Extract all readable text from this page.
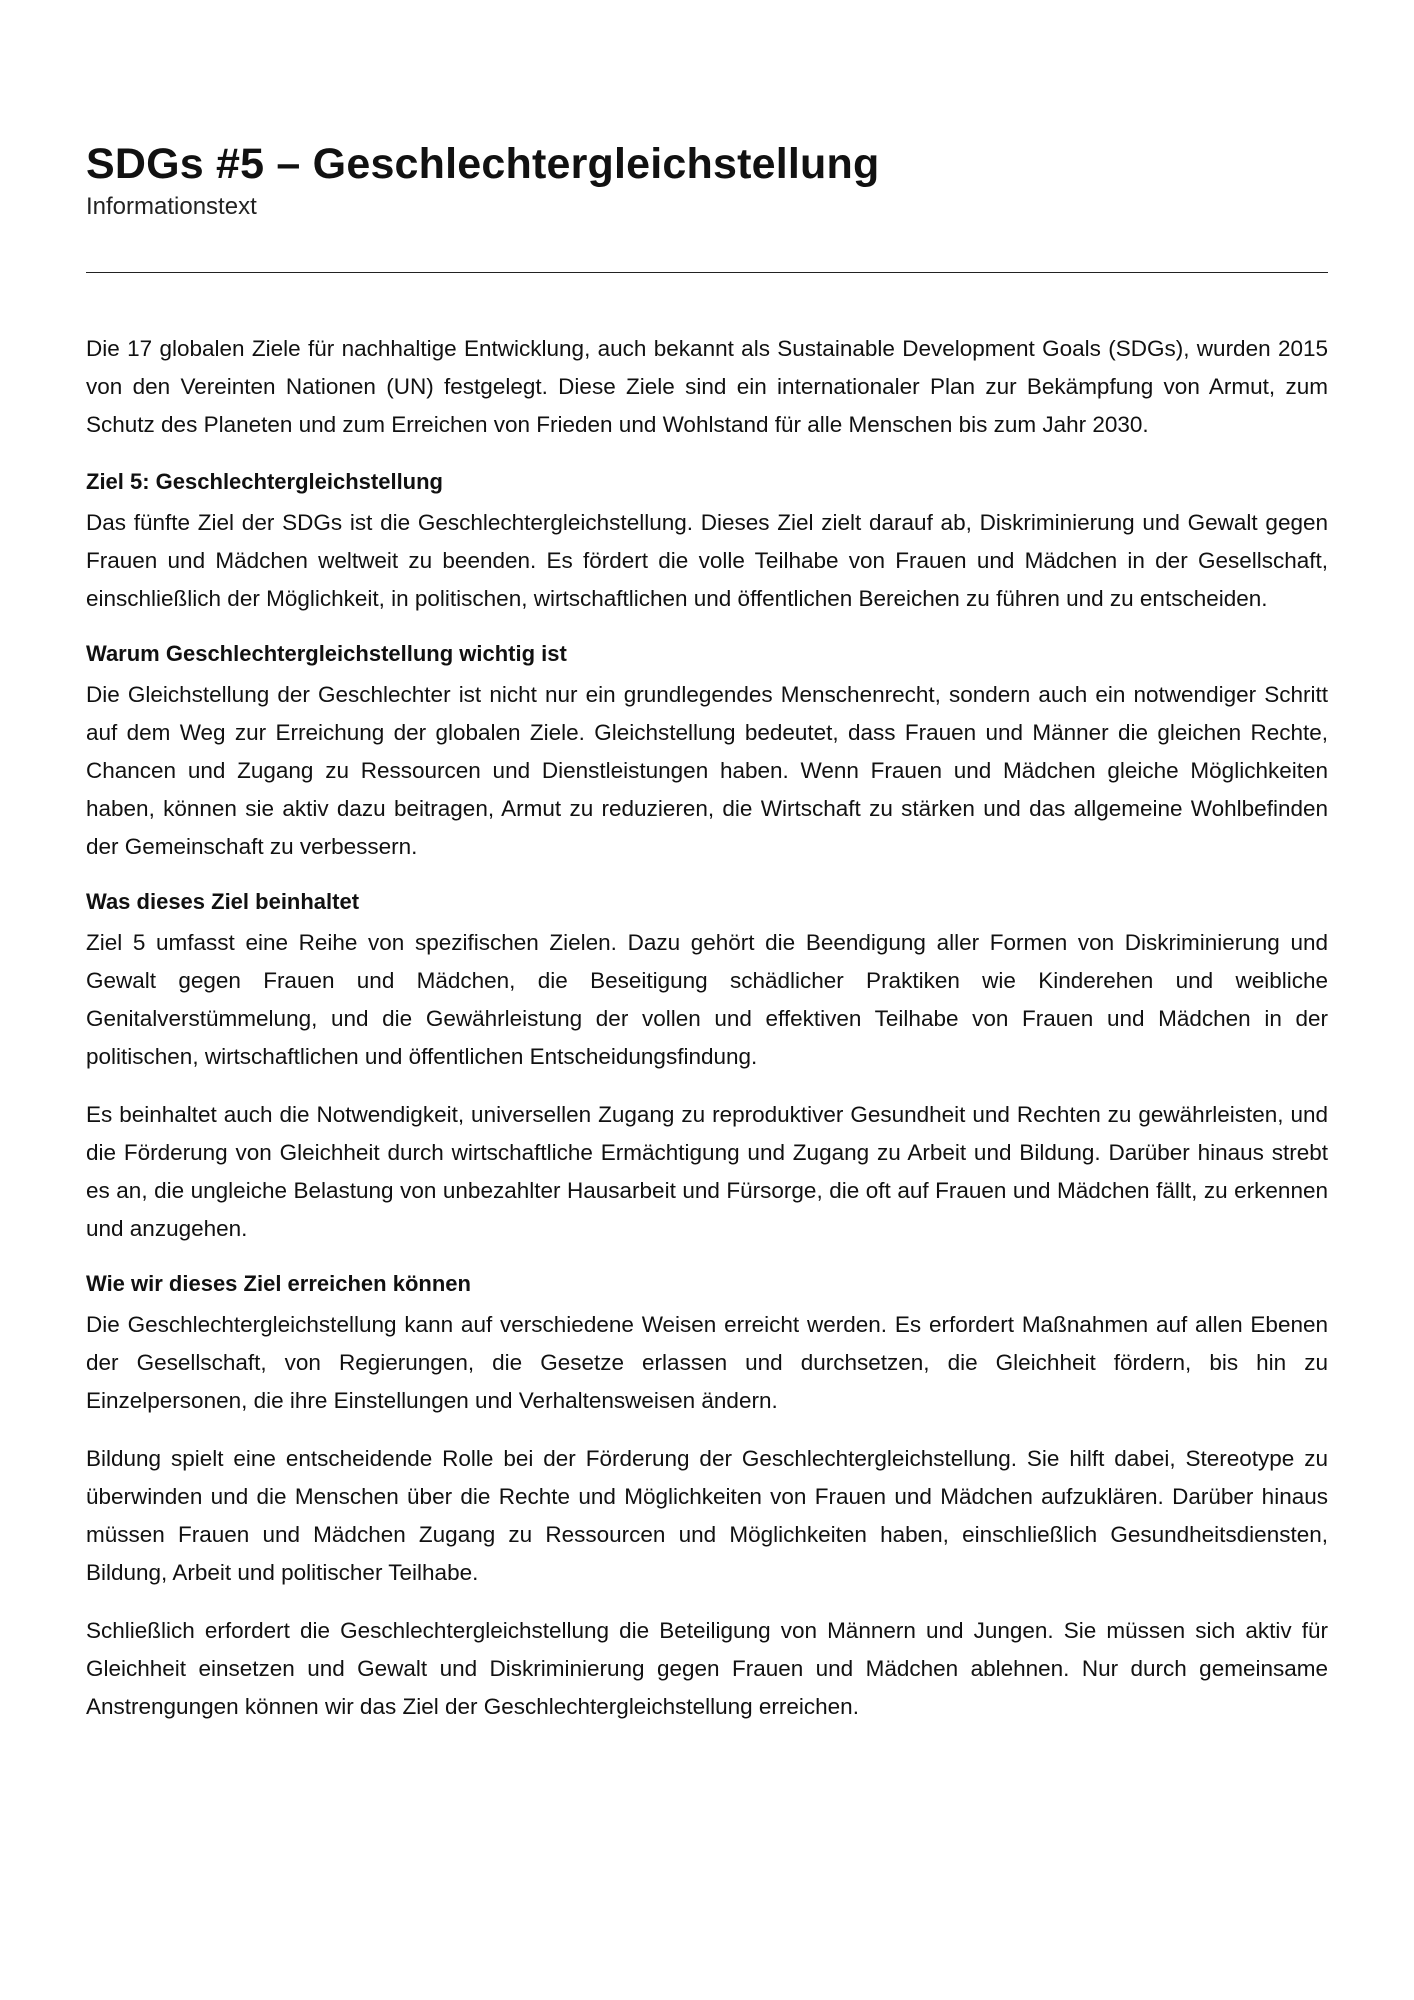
SDGs #5 – Geschlechtergleichstellung
Informationstext

Die 17 globalen Ziele für nachhaltige Entwicklung, auch bekannt als Sustainable Development Goals (SDGs), wurden 2015 von den Vereinten Nationen (UN) festgelegt. Diese Ziele sind ein internationaler Plan zur Bekämpfung von Armut, zum Schutz des Planeten und zum Erreichen von Frieden und Wohlstand für alle Menschen bis zum Jahr 2030.

Ziel 5: Geschlechtergleichstellung

Das fünfte Ziel der SDGs ist die Geschlechtergleichstellung. Dieses Ziel zielt darauf ab, Diskriminierung und Gewalt gegen Frauen und Mädchen weltweit zu beenden. Es fördert die volle Teilhabe von Frauen und Mädchen in der Gesellschaft, einschließlich der Möglichkeit, in politischen, wirtschaftlichen und öffentlichen Bereichen zu führen und zu entscheiden.

Warum Geschlechtergleichstellung wichtig ist

Die Gleichstellung der Geschlechter ist nicht nur ein grundlegendes Menschenrecht, sondern auch ein notwendiger Schritt auf dem Weg zur Erreichung der globalen Ziele. Gleichstellung bedeutet, dass Frauen und Männer die gleichen Rechte, Chancen und Zugang zu Ressourcen und Dienstleistungen haben. Wenn Frauen und Mädchen gleiche Möglichkeiten haben, können sie aktiv dazu beitragen, Armut zu reduzieren, die Wirtschaft zu stärken und das allgemeine Wohlbefinden der Gemeinschaft zu verbessern.

Was dieses Ziel beinhaltet

Ziel 5 umfasst eine Reihe von spezifischen Zielen. Dazu gehört die Beendigung aller Formen von Diskriminierung und Gewalt gegen Frauen und Mädchen, die Beseitigung schädlicher Praktiken wie Kinderehen und weibliche Genitalverstümmelung, und die Gewährleistung der vollen und effektiven Teilhabe von Frauen und Mädchen in der politischen, wirtschaftlichen und öffentlichen Entscheidungsfindung.

Es beinhaltet auch die Notwendigkeit, universellen Zugang zu reproduktiver Gesundheit und Rechten zu gewährleisten, und die Förderung von Gleichheit durch wirtschaftliche Ermächtigung und Zugang zu Arbeit und Bildung. Darüber hinaus strebt es an, die ungleiche Belastung von unbezahlter Hausarbeit und Fürsorge, die oft auf Frauen und Mädchen fällt, zu erkennen und anzugehen.

Wie wir dieses Ziel erreichen können

Die Geschlechtergleichstellung kann auf verschiedene Weisen erreicht werden. Es erfordert Maßnahmen auf allen Ebenen der Gesellschaft, von Regierungen, die Gesetze erlassen und durchsetzen, die Gleichheit fördern, bis hin zu Einzelpersonen, die ihre Einstellungen und Verhaltensweisen ändern.

Bildung spielt eine entscheidende Rolle bei der Förderung der Geschlechtergleichstellung. Sie hilft dabei, Stereotype zu überwinden und die Menschen über die Rechte und Möglichkeiten von Frauen und Mädchen aufzuklären. Darüber hinaus müssen Frauen und Mädchen Zugang zu Ressourcen und Möglichkeiten haben, einschließlich Gesundheitsdiensten, Bildung, Arbeit und politischer Teilhabe.

Schließlich erfordert die Geschlechtergleichstellung die Beteiligung von Männern und Jungen. Sie müssen sich aktiv für Gleichheit einsetzen und Gewalt und Diskriminierung gegen Frauen und Mädchen ablehnen. Nur durch gemeinsame Anstrengungen können wir das Ziel der Geschlechtergleichstellung erreichen.
